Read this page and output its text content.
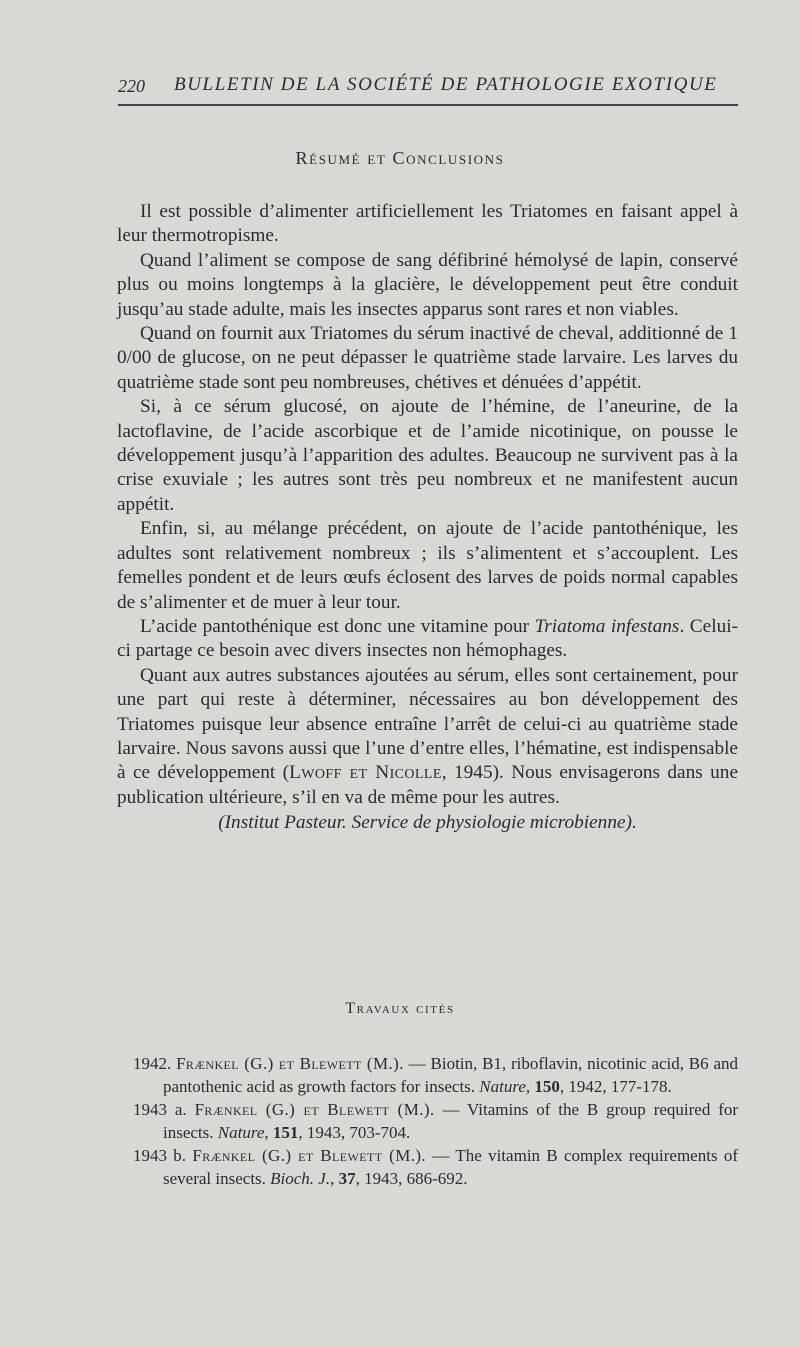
220 BULLETIN DE LA SOCIÉTÉ DE PATHOLOGIE EXOTIQUE
Résumé et Conclusions

Il est possible d’alimenter artificiellement les Triatomes en faisant appel à leur thermotropisme.

Quand l’aliment se compose de sang défibriné hémolysé de lapin, conservé plus ou moins longtemps à la glacière, le développement peut être conduit jusqu’au stade adulte, mais les insectes apparus sont rares et non viables.

Quand on fournit aux Triatomes du sérum inactivé de cheval, additionné de 1 0/00 de glucose, on ne peut dépasser le quatrième stade larvaire. Les larves du quatrième stade sont peu nombreuses, chétives et dénuées d’appétit.

Si, à ce sérum glucosé, on ajoute de l’hémine, de l’aneurine, de la lactoflavine, de l’acide ascorbique et de l’amide nicotinique, on pousse le développement jusqu’à l’apparition des adultes. Beaucoup ne survivent pas à la crise exuviale ; les autres sont très peu nombreux et ne manifestent aucun appétit.

Enfin, si, au mélange précédent, on ajoute de l’acide pantothénique, les adultes sont relativement nombreux ; ils s’alimentent et s’accouplent. Les femelles pondent et de leurs œufs éclosent des larves de poids normal capables de s’alimenter et de muer à leur tour.

L’acide pantothénique est donc une vitamine pour Triatoma infestans. Celui-ci partage ce besoin avec divers insectes non hémophages.

Quant aux autres substances ajoutées au sérum, elles sont certainement, pour une part qui reste à déterminer, nécessaires au bon développement des Triatomes puisque leur absence entraîne l’arrêt de celui-ci au quatrième stade larvaire. Nous savons aussi que l’une d’entre elles, l’hématine, est indispensable à ce développement (Lwoff et Nicolle, 1945). Nous envisagerons dans une publication ultérieure, s’il en va de même pour les autres.

(Institut Pasteur. Service de physiologie microbienne).

Travaux cités

1942. Frænkel (G.) et Blewett (M.). — Biotin, B1, riboflavin, nicotinic acid, B6 and pantothenic acid as growth factors for insects. Nature, 150, 1942, 177-178.

1943 a. Frænkel (G.) et Blewett (M.). — Vitamins of the B group required for insects. Nature, 151, 1943, 703-704.

1943 b. Frænkel (G.) et Blewett (M.). — The vitamin B complex requirements of several insects. Bioch. J., 37, 1943, 686-692.
